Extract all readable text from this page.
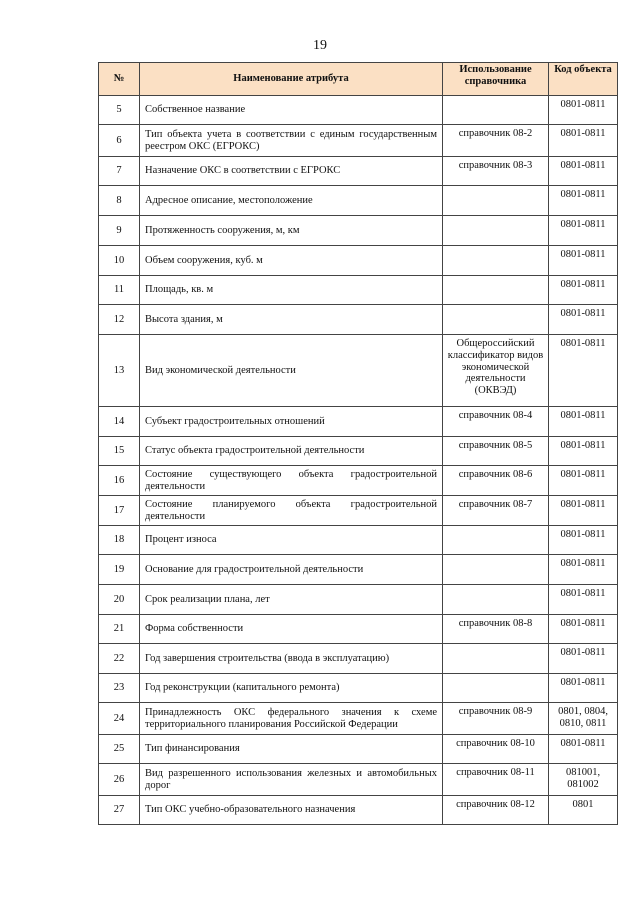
19
№	Наименование атрибута	Использование справочника	Код объекта
5	Собственное название		0801-0811
6	Тип объекта учета в соответствии с единым государственным реестром ОКС (ЕГРОКС)	справочник 08-2	0801-0811
7	Назначение ОКС в соответствии с ЕГРОКС	справочник 08-3	0801-0811
8	Адресное описание, местоположение		0801-0811
9	Протяженность сооружения, м, км		0801-0811
10	Объем сооружения, куб. м		0801-0811
11	Площадь, кв. м		0801-0811
12	Высота здания, м		0801-0811
13	Вид экономической деятельности	Общероссийский классификатор видов экономической деятельности (ОКВЭД)	0801-0811
14	Субъект градостроительных отношений	справочник 08-4	0801-0811
15	Статус объекта градостроительной деятельности	справочник 08-5	0801-0811
16	Состояние существующего объекта градостроительной деятельности	справочник 08-6	0801-0811
17	Состояние планируемого объекта градостроительной деятельности	справочник 08-7	0801-0811
18	Процент износа		0801-0811
19	Основание для градостроительной деятельности		0801-0811
20	Срок реализации плана, лет		0801-0811
21	Форма собственности	справочник 08-8	0801-0811
22	Год завершения строительства (ввода в эксплуатацию)		0801-0811
23	Год реконструкции (капитального ремонта)		0801-0811
24	Принадлежность ОКС федерального значения к схеме территориального планирования Российской Федерации	справочник 08-9	0801, 0804, 0810, 0811
25	Тип финансирования	справочник 08-10	0801-0811
26	Вид разрешенного использования железных и автомобильных дорог	справочник 08-11	081001, 081002
27	Тип ОКС учебно-образовательного назначения	справочник 08-12	0801
